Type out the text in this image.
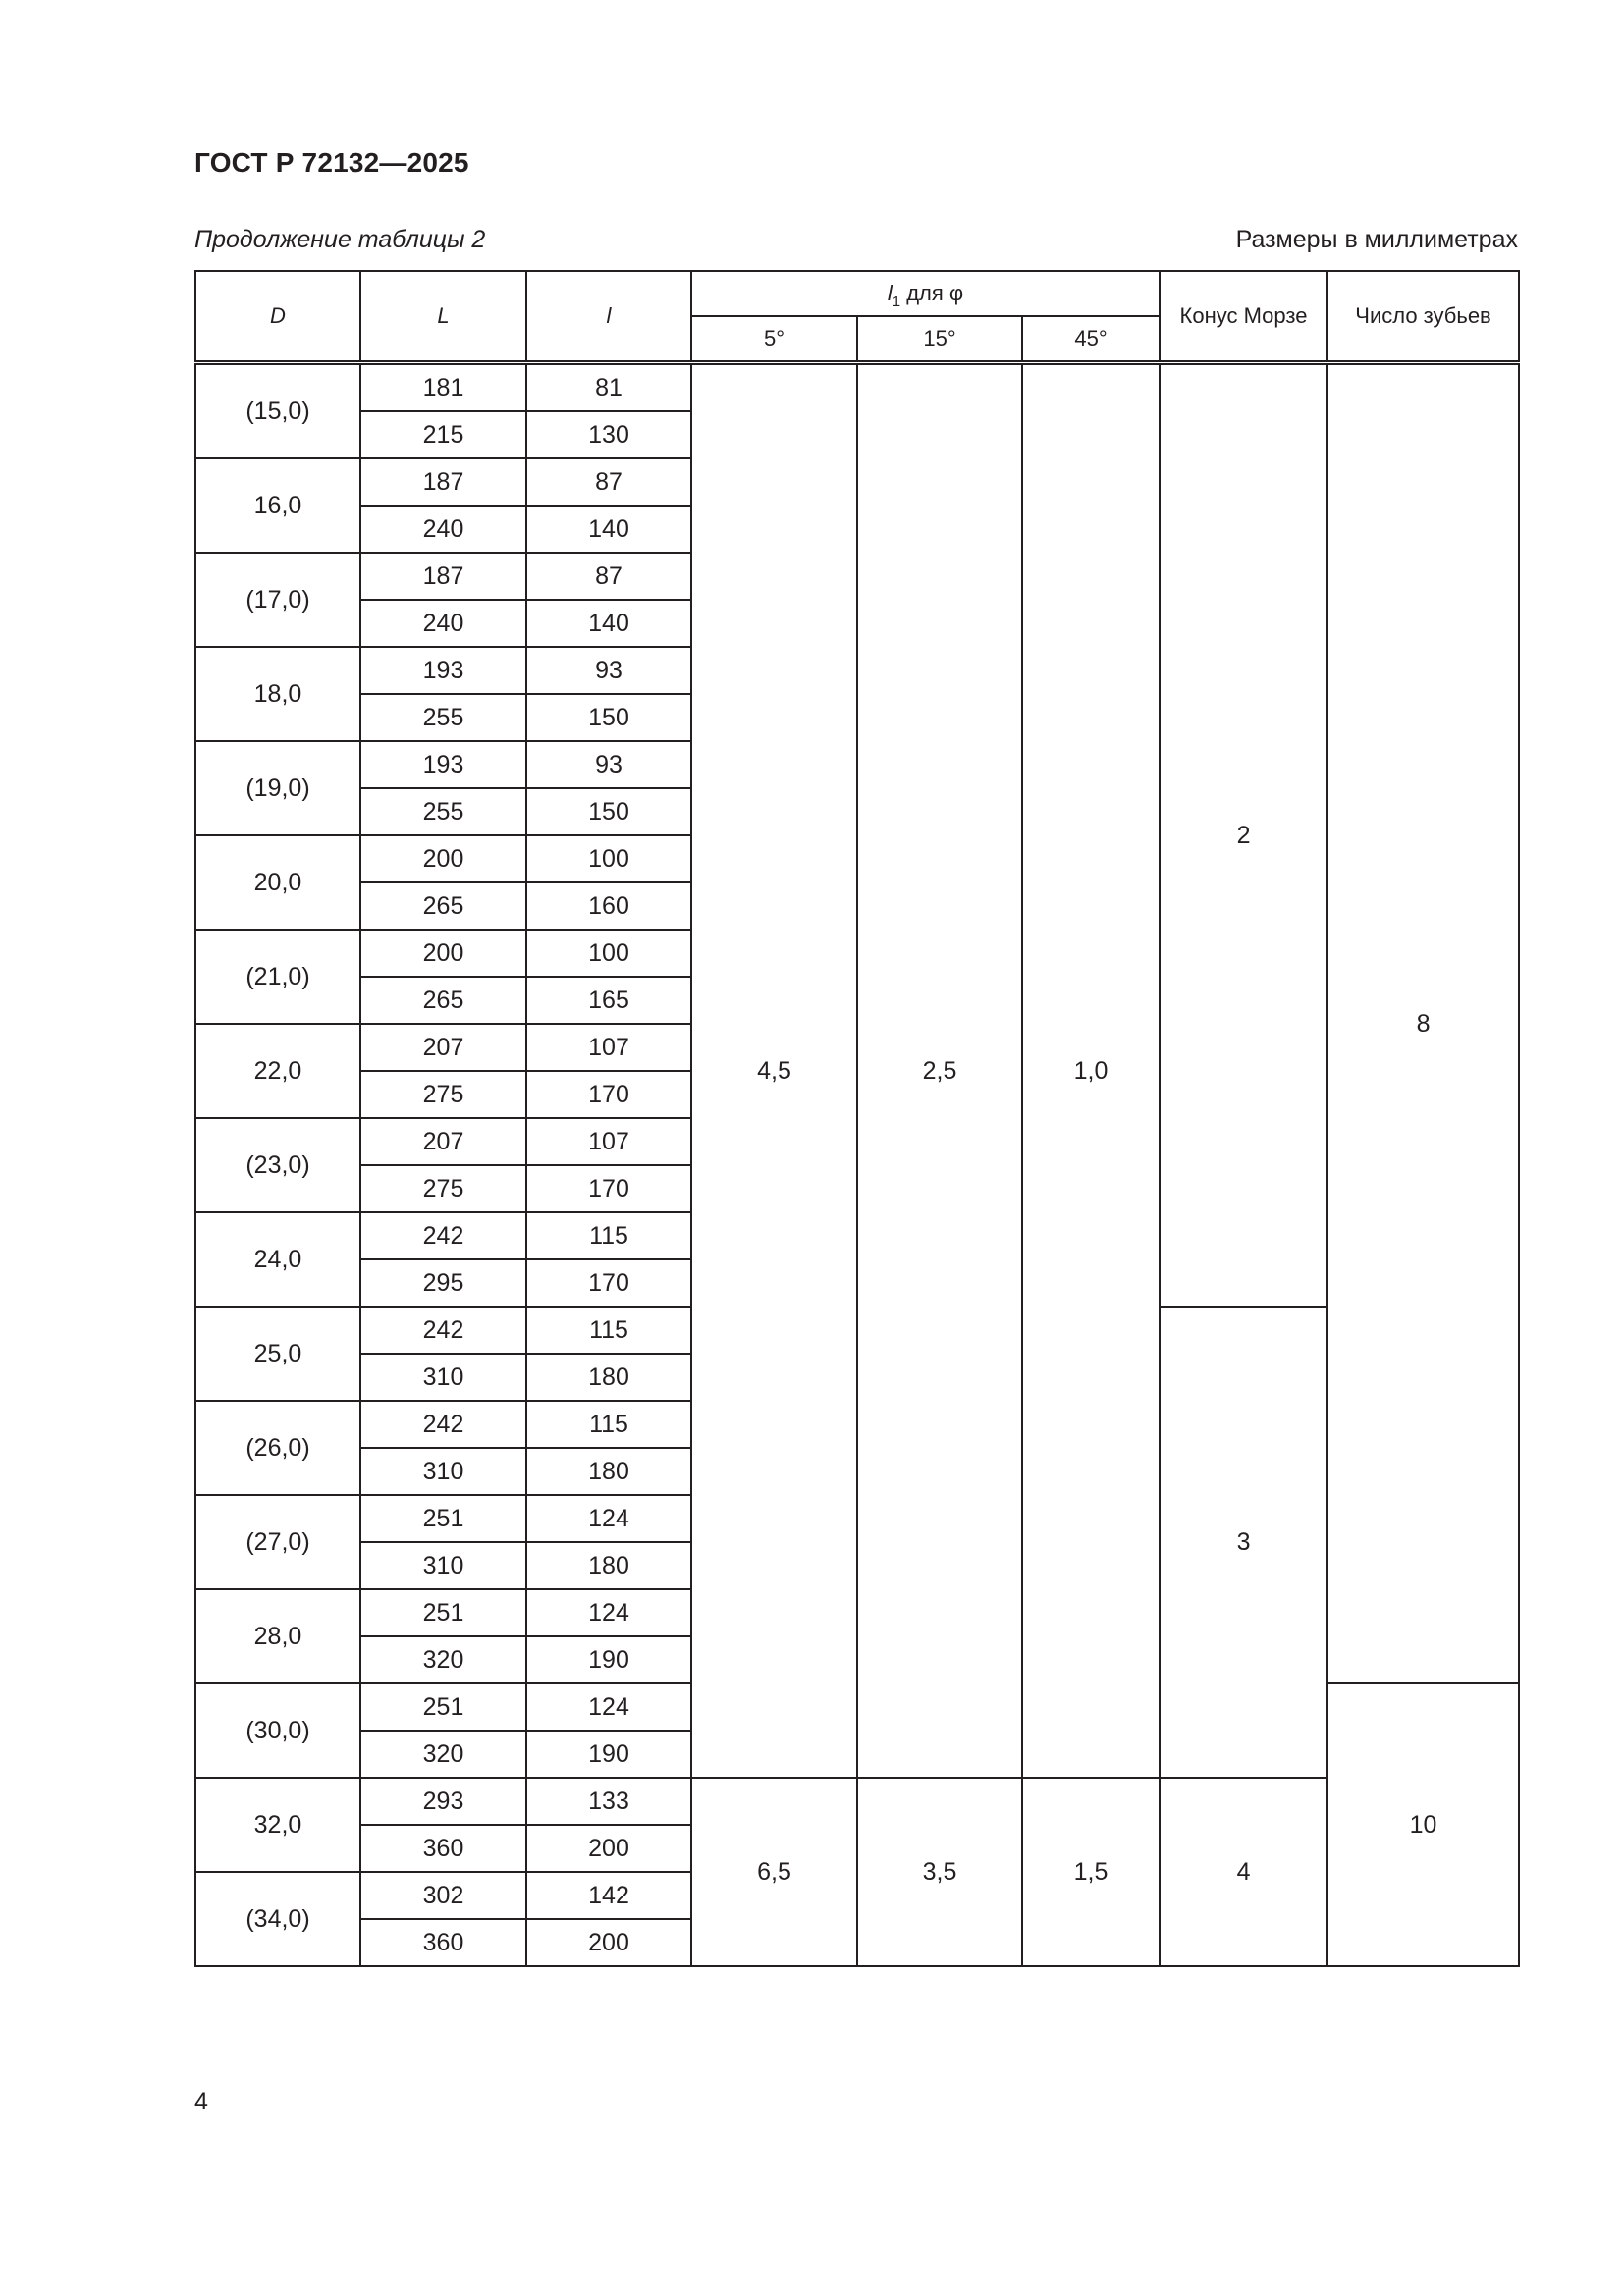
ГОСТ Р 72132—2025
Продолжение таблицы 2	Размеры в миллиметрах
D	L	l	$l_1$ для φ			Конус Морзе	Число зубьев
			5°	15°	45°		
(15,0)	181	81	4,5	2,5	1,0	2	8
	215	130					
16,0	187	87					
	240	140					
(17,0)	187	87					
	240	140					
18,0	193	93					
	255	150					
(19,0)	193	93					
	255	150					
20,0	200	100					
	265	160					
(21,0)	200	100					
	265	165					
22,0	207	107					
	275	170					
(23,0)	207	107					
	275	170					
24,0	242	115					
	295	170					
25,0	242	115				3	
	310	180					
(26,0)	242	115					
	310	180					
(27,0)	251	124					
	310	180					
28,0	251	124					
	320	190					
(30,0)	251	124					10
	320	190					
32,0	293	133	6,5	3,5	1,5	4	
	360	200					
(34,0)	302	142					
	360	200					
4
